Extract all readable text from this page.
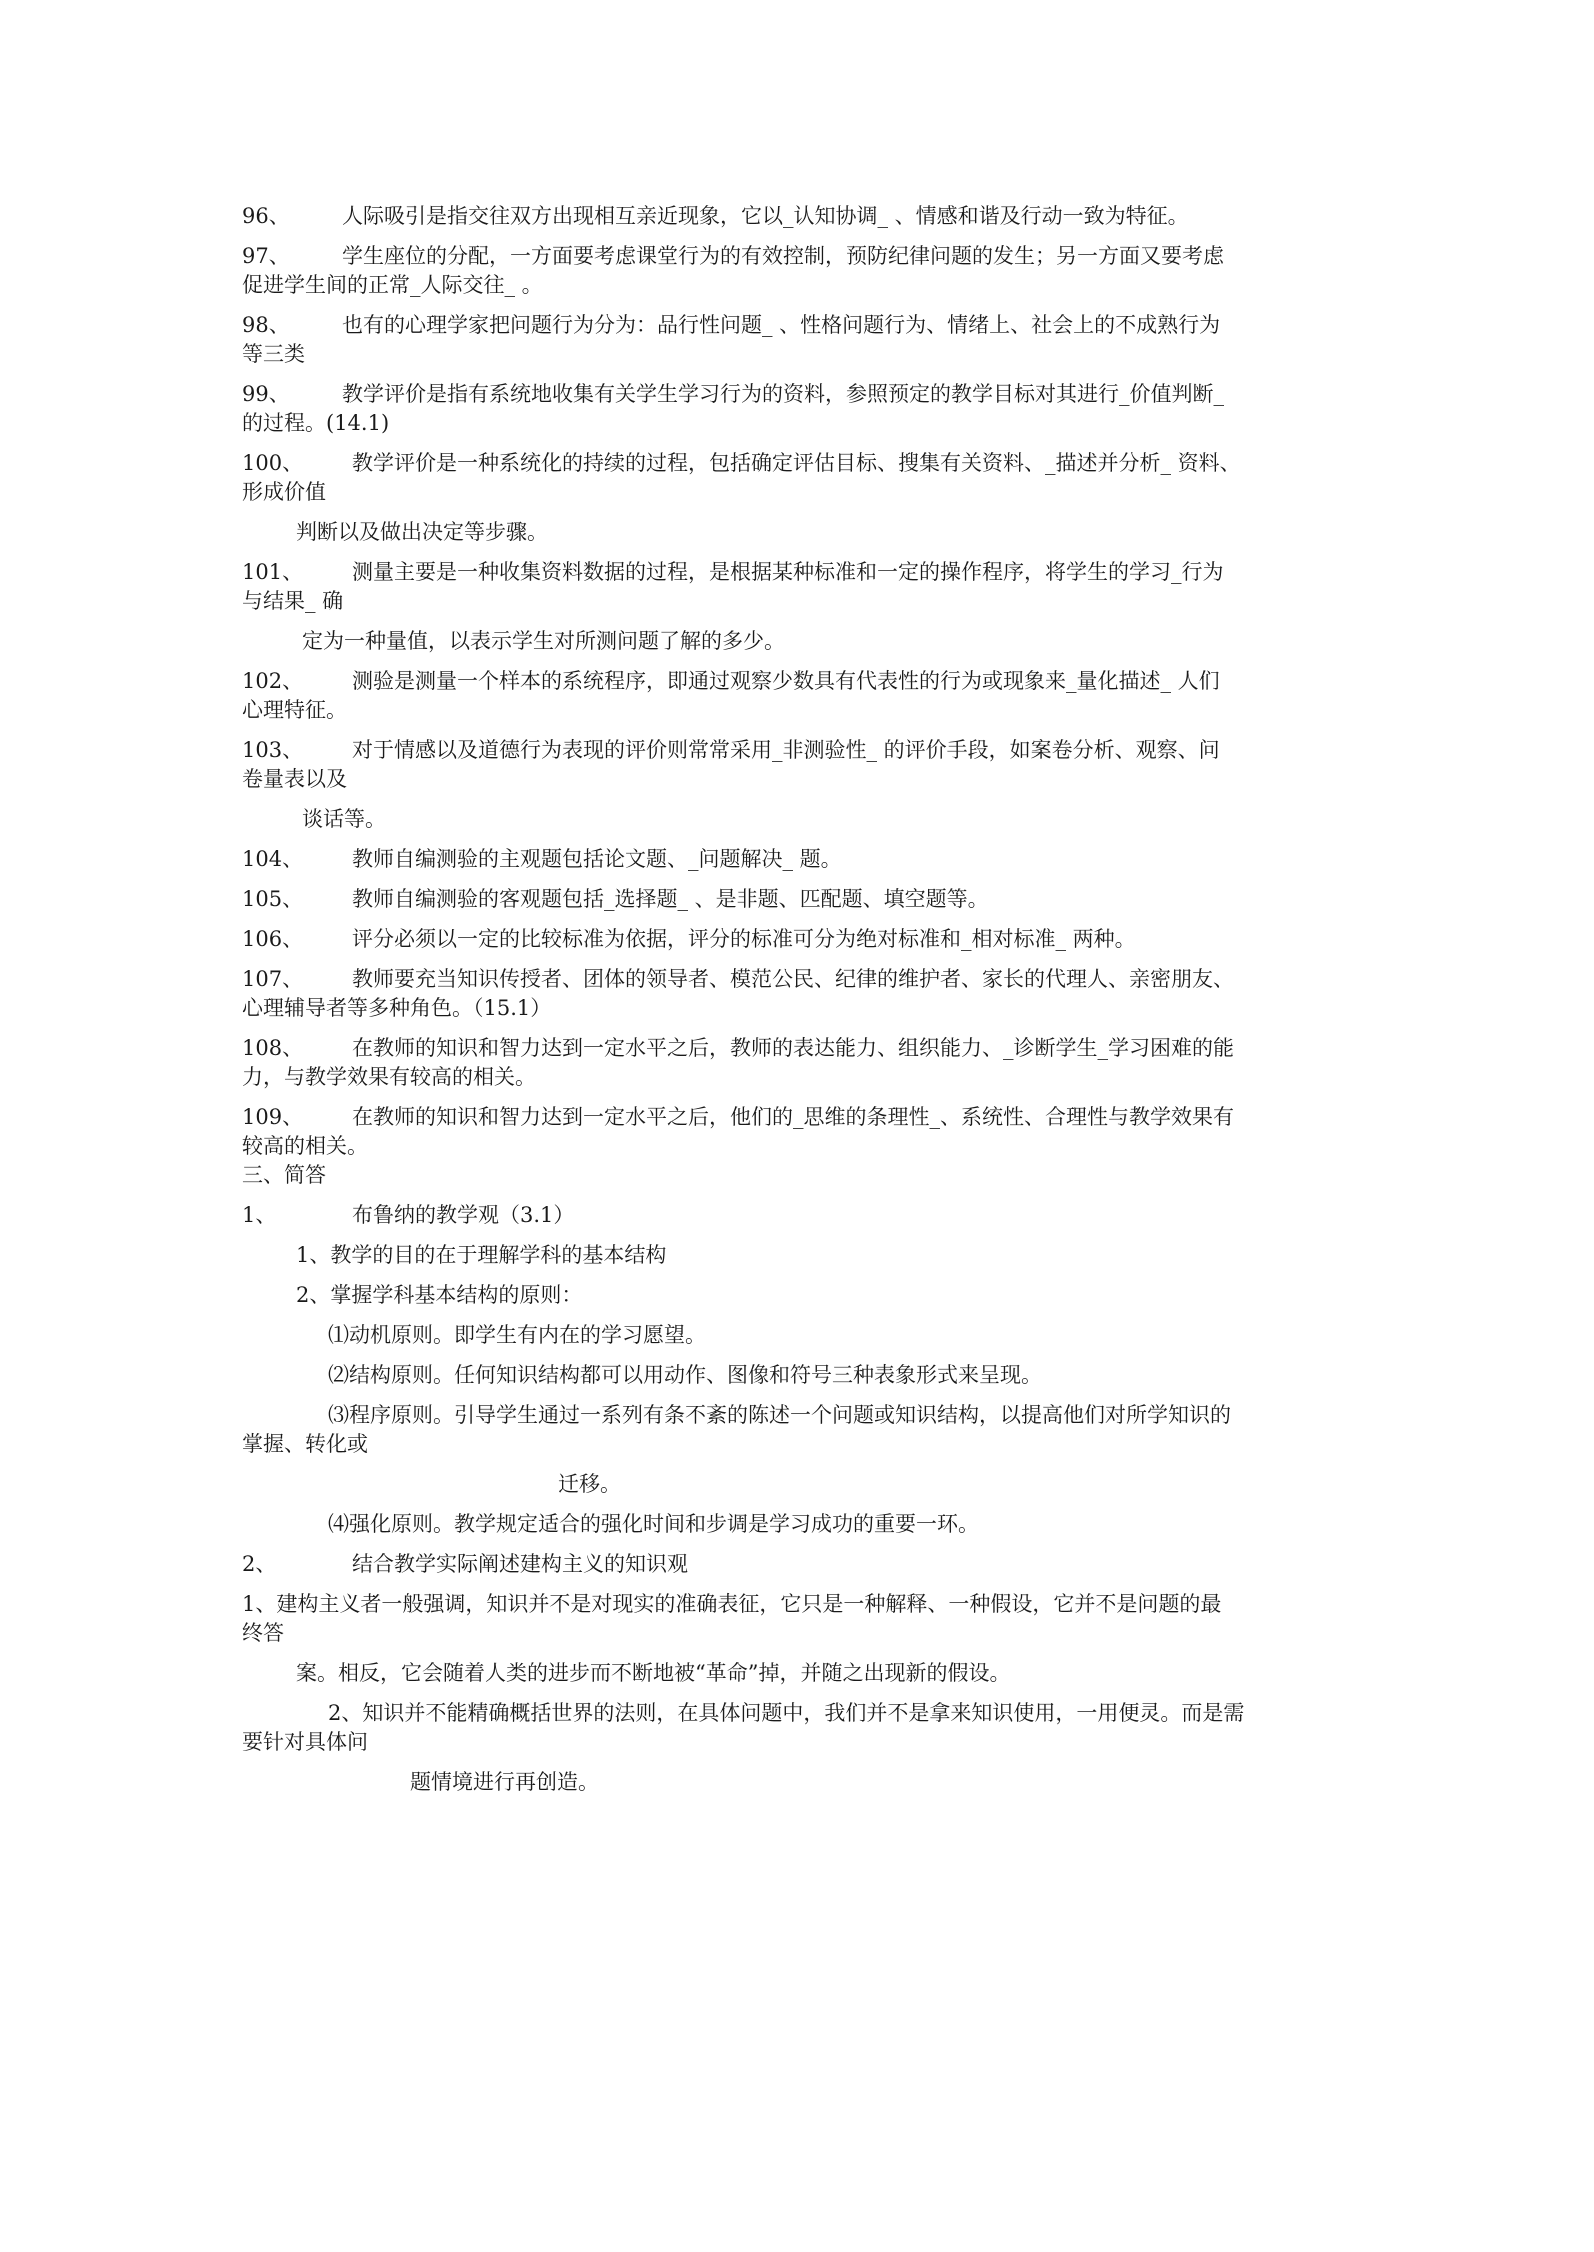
96、 人际吸引是指交往双方出现相互亲近现象，它以_认知协调_ 、情感和谐及行动一致为特征。
97、 学生座位的分配，一方面要考虑课堂行为的有效控制，预防纪律问题的发生；另一方面又要考虑
促进学生间的正常_人际交往_ 。
98、 也有的心理学家把问题行为分为：品行性问题_ 、性格问题行为、情绪上、社会上的不成熟行为
等三类
99、 教学评价是指有系统地收集有关学生学习行为的资料，参照预定的教学目标对其进行_价值判断_
的过程。(14.1)
100、 教学评价是一种系统化的持续的过程，包括确定评估目标、搜集有关资料、_描述并分析_ 资料、
形成价值
判断以及做出决定等步骤。
101、 测量主要是一种收集资料数据的过程，是根据某种标准和一定的操作程序，将学生的学习_行为
与结果_ 确
定为一种量值，以表示学生对所测问题了解的多少。
102、 测验是测量一个样本的系统程序，即通过观察少数具有代表性的行为或现象来_量化描述_ 人们
心理特征。
103、 对于情感以及道德行为表现的评价则常常采用_非测验性_ 的评价手段，如案卷分析、观察、问
卷量表以及
谈话等。
104、 教师自编测验的主观题包括论文题、_问题解决_ 题。
105、 教师自编测验的客观题包括_选择题_ 、是非题、匹配题、填空题等。
106、 评分必须以一定的比较标准为依据，评分的标准可分为绝对标准和_相对标准_ 两种。
107、 教师要充当知识传授者、团体的领导者、模范公民、纪律的维护者、家长的代理人、亲密朋友、
心理辅导者等多种角色。（15.1）
108、 在教师的知识和智力达到一定水平之后，教师的表达能力、组织能力、_诊断学生_学习困难的能
力，与教学效果有较高的相关。
109、 在教师的知识和智力达到一定水平之后，他们的_思维的条理性_、系统性、合理性与教学效果有
较高的相关。
三、简答
1、	布鲁纳的教学观（3.1）
1、教学的目的在于理解学科的基本结构
2、掌握学科基本结构的原则：
⑴动机原则。即学生有内在的学习愿望。
⑵结构原则。任何知识结构都可以用动作、图像和符号三种表象形式来呈现。
⑶程序原则。引导学生通过一系列有条不紊的陈述一个问题或知识结构，以提高他们对所学知识的
掌握、转化或
迁移。
⑷强化原则。教学规定适合的强化时间和步调是学习成功的重要一环。
2、	结合教学实际阐述建构主义的知识观
1、建构主义者一般强调，知识并不是对现实的准确表征，它只是一种解释、一种假设，它并不是问题的最
终答
案。相反，它会随着人类的进步而不断地被“革命”掉，并随之出现新的假设。
2、知识并不能精确概括世界的法则，在具体问题中，我们并不是拿来知识使用，一用便灵。而是需
要针对具体问
题情境进行再创造。
